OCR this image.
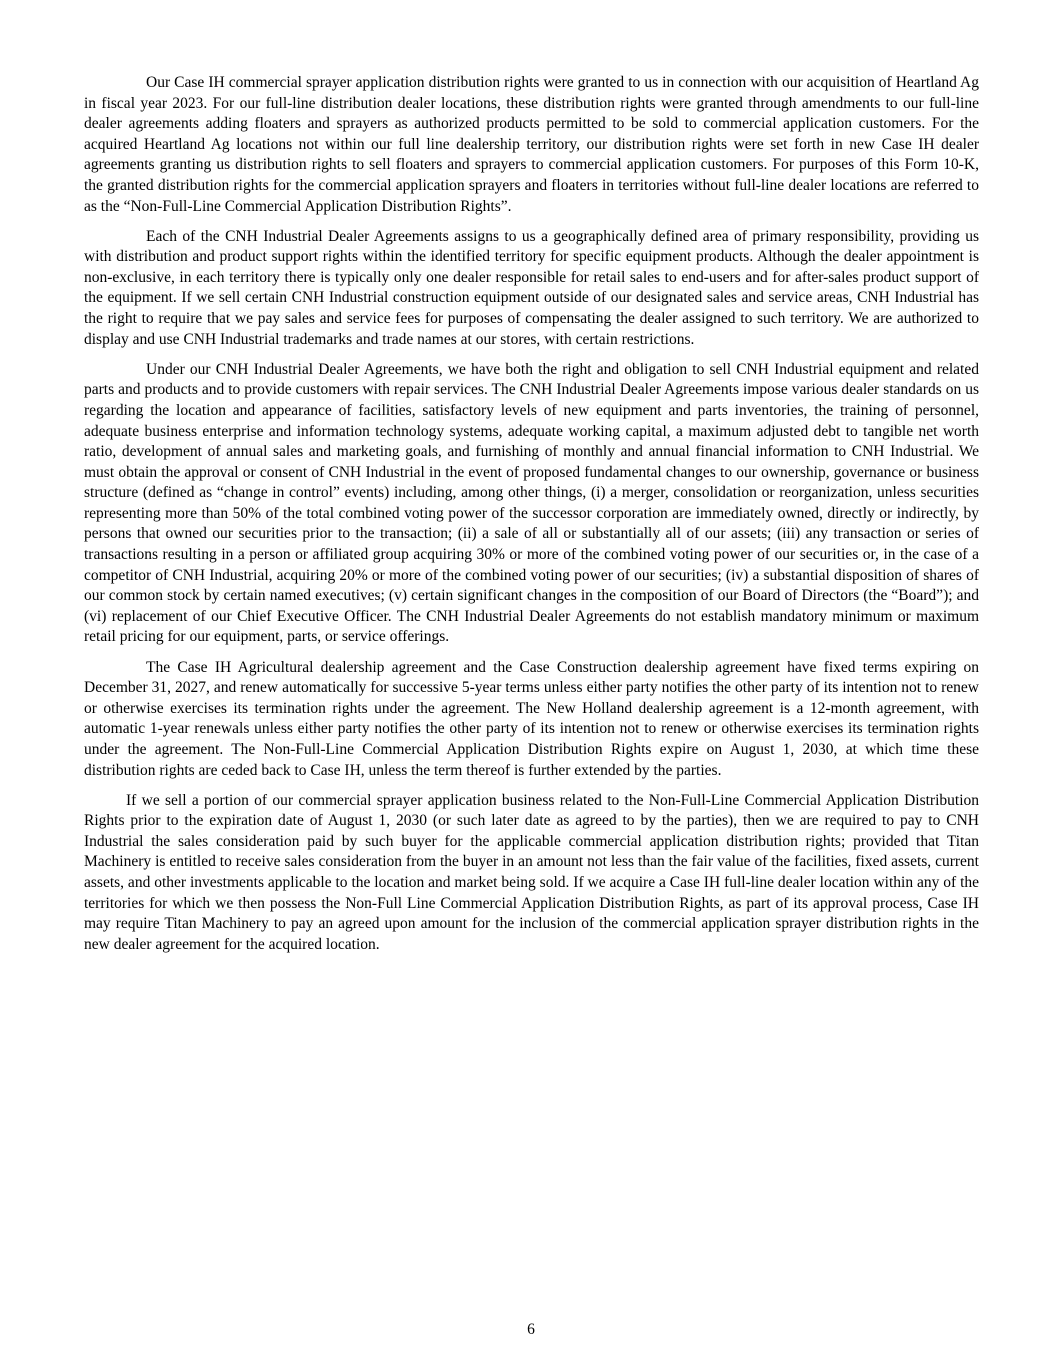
Our Case IH commercial sprayer application distribution rights were granted to us in connection with our acquisition of Heartland Ag in fiscal year 2023. For our full-line distribution dealer locations, these distribution rights were granted through amendments to our full-line dealer agreements adding floaters and sprayers as authorized products permitted to be sold to commercial application customers. For the acquired Heartland Ag locations not within our full line dealership territory, our distribution rights were set forth in new Case IH dealer agreements granting us distribution rights to sell floaters and sprayers to commercial application customers. For purposes of this Form 10-K, the granted distribution rights for the commercial application sprayers and floaters in territories without full-line dealer locations are referred to as the “Non-Full-Line Commercial Application Distribution Rights”.

Each of the CNH Industrial Dealer Agreements assigns to us a geographically defined area of primary responsibility, providing us with distribution and product support rights within the identified territory for specific equipment products. Although the dealer appointment is non-exclusive, in each territory there is typically only one dealer responsible for retail sales to end-users and for after-sales product support of the equipment. If we sell certain CNH Industrial construction equipment outside of our designated sales and service areas, CNH Industrial has the right to require that we pay sales and service fees for purposes of compensating the dealer assigned to such territory. We are authorized to display and use CNH Industrial trademarks and trade names at our stores, with certain restrictions.

Under our CNH Industrial Dealer Agreements, we have both the right and obligation to sell CNH Industrial equipment and related parts and products and to provide customers with repair services. The CNH Industrial Dealer Agreements impose various dealer standards on us regarding the location and appearance of facilities, satisfactory levels of new equipment and parts inventories, the training of personnel, adequate business enterprise and information technology systems, adequate working capital, a maximum adjusted debt to tangible net worth ratio, development of annual sales and marketing goals, and furnishing of monthly and annual financial information to CNH Industrial. We must obtain the approval or consent of CNH Industrial in the event of proposed fundamental changes to our ownership, governance or business structure (defined as “change in control” events) including, among other things, (i) a merger, consolidation or reorganization, unless securities representing more than 50% of the total combined voting power of the successor corporation are immediately owned, directly or indirectly, by persons that owned our securities prior to the transaction; (ii) a sale of all or substantially all of our assets; (iii) any transaction or series of transactions resulting in a person or affiliated group acquiring 30% or more of the combined voting power of our securities or, in the case of a competitor of CNH Industrial, acquiring 20% or more of the combined voting power of our securities; (iv) a substantial disposition of shares of our common stock by certain named executives; (v) certain significant changes in the composition of our Board of Directors (the “Board”); and (vi) replacement of our Chief Executive Officer. The CNH Industrial Dealer Agreements do not establish mandatory minimum or maximum retail pricing for our equipment, parts, or service offerings.

The Case IH Agricultural dealership agreement and the Case Construction dealership agreement have fixed terms expiring on December 31, 2027, and renew automatically for successive 5-year terms unless either party notifies the other party of its intention not to renew or otherwise exercises its termination rights under the agreement. The New Holland dealership agreement is a 12-month agreement, with automatic 1-year renewals unless either party notifies the other party of its intention not to renew or otherwise exercises its termination rights under the agreement. The Non-Full-Line Commercial Application Distribution Rights expire on August 1, 2030, at which time these distribution rights are ceded back to Case IH, unless the term thereof is further extended by the parties.

If we sell a portion of our commercial sprayer application business related to the Non-Full-Line Commercial Application Distribution Rights prior to the expiration date of August 1, 2030 (or such later date as agreed to by the parties), then we are required to pay to CNH Industrial the sales consideration paid by such buyer for the applicable commercial application distribution rights; provided that Titan Machinery is entitled to receive sales consideration from the buyer in an amount not less than the fair value of the facilities, fixed assets, current assets, and other investments applicable to the location and market being sold. If we acquire a Case IH full-line dealer location within any of the territories for which we then possess the Non-Full Line Commercial Application Distribution Rights, as part of its approval process, Case IH may require Titan Machinery to pay an agreed upon amount for the inclusion of the commercial application sprayer distribution rights in the new dealer agreement for the acquired location.

6
